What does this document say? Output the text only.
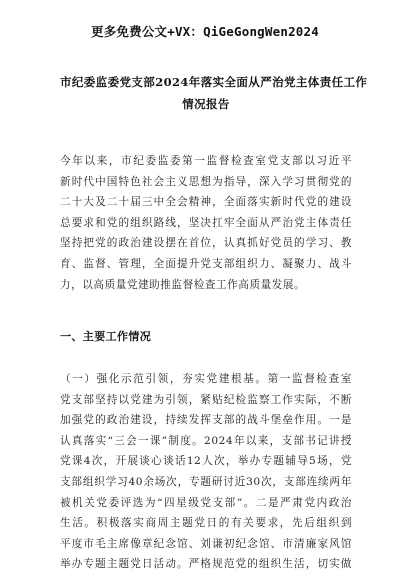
更多免费公文+VX：QiGeGongWen2024
市纪委监委党支部2024年落实全面从严治党主体责任工作
情况报告
今年以来，市纪委监委第一监督检查室党支部以习近平
新时代中国特色社会主义思想为指导，深入学习贯彻党的
二十大及二十届三中全会精神，全面落实新时代党的建设
总要求和党的组织路线，坚决扛牢全面从严治党主体责任
坚持把党的政治建设摆在首位，认真抓好党员的学习、教
育、监督、管理，全面提升党支部组织力、凝聚力、战斗
力，以高质量党建助推监督检查工作高质量发展。
一、主要工作情况
（一）强化示范引领，夯实党建根基。第一监督检查室
党支部坚持以党建为引领，紧贴纪检监察工作实际，不断
加强党的政治建设，持续发挥支部的战斗堡垒作用。一是
认真落实“三会一课”制度。2024年以来，支部书记讲授
党课4次，开展谈心谈话12人次，举办专题辅导5场，党
支部组织学习40余场次，专题研讨近30次，支部连续两年
被机关党委评选为“四星级党支部”。二是严肃党内政治
生活。积极落实商周主题党日的有关要求，先后组织到
平度市毛主席像章纪念馆、刘谦初纪念馆、市清廉家风馆
举办专题主题党日活动。严格规范党的组织生活，切实做
